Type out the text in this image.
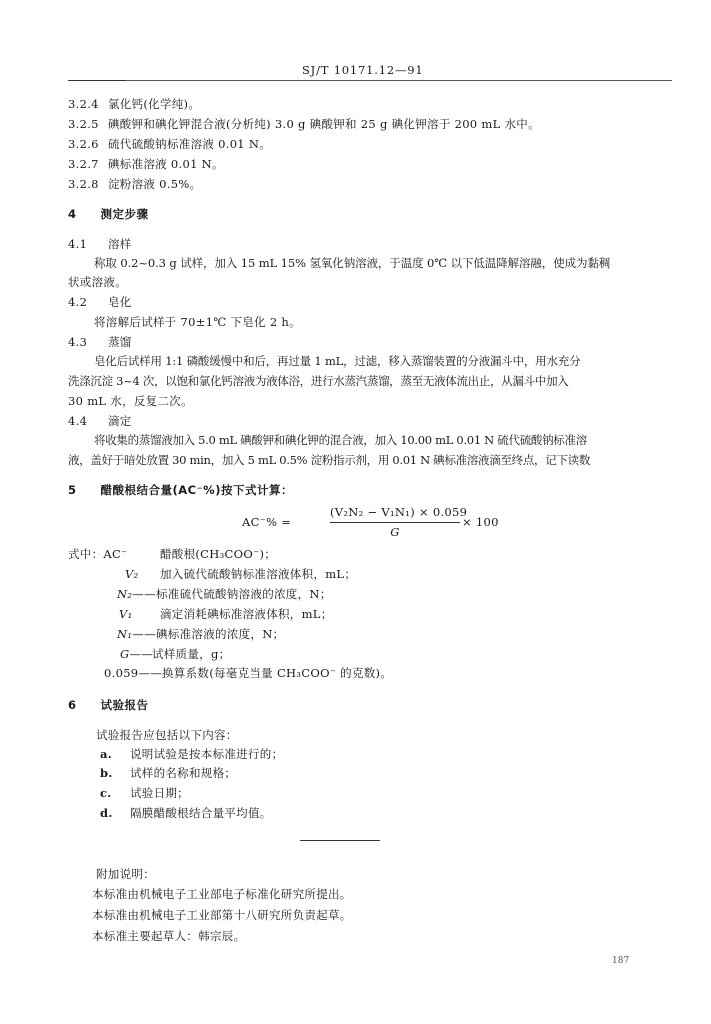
SJ/T 10171.12—91
3.2.4 氯化钙(化学纯)。
3.2.5 碘酸钾和碘化钾混合液(分析纯) 3.0 g 碘酸钾和 25 g 碘化钾溶于 200 mL 水中。
3.2.6 硫代硫酸钠标准溶液 0.01 N。
3.2.7 碘标准溶液 0.01 N。
3.2.8 淀粉溶液 0.5%。
4 测定步骤
4.1 溶样
称取 0.2~0.3 g 试样，加入 15 mL 15% 氢氧化钠溶液，于温度 0℃ 以下低温降解溶融，使成为黏稠
状或溶液。
4.2 皂化
将溶解后试样于 70±1℃ 下皂化 2 h。
4.3 蒸馏
皂化后试样用 1:1 磷酸缓慢中和后，再过量 1 mL，过滤，移入蒸馏装置的分液漏斗中，用水充分
洗涤沉淀 3~4 次，以饱和氯化钙溶液为液体浴，进行水蒸汽蒸馏，蒸至无液体流出止，从漏斗中加入
30 mL 水，反复二次。
4.4 滴定
将收集的蒸馏液加入 5.0 mL 碘酸钾和碘化钾的混合液，加入 10.00 mL 0.01 N 硫代硫酸钠标准溶
液，盖好于暗处放置 30 min，加入 5 mL 0.5% 淀粉指示剂，用 0.01 N 碘标准溶液滴至终点，记下读数
5 醋酸根结合量(AC⁻%)按下式计算：
AC⁻% =
(V₂N₂ − V₁N₁) × 0.059
G
× 100
式中：AC⁻	醋酸根(CH₃COO⁻)；
V₂ 加入硫代硫酸钠标准溶液体积，mL；
N₂—— 标准硫代硫酸钠溶液的浓度，N；
V₁ 滴定消耗碘标准溶液体积，mL；
N₁—— 碘标准溶液的浓度，N；
G——
试样质量，g；
0.059—— 换算系数(每毫克当量 CH₃COO⁻ 的克数)。
6 试验报告
试验报告应包括以下内容：
a. 说明试验是按本标准进行的；
b. 试样的名称和规格；
c. 试验日期；
d. 隔膜醋酸根结合量平均值。
附加说明：
本标准由机械电子工业部电子标准化研究所提出。
本标准由机械电子工业部第十八研究所负责起草。
本标准主要起草人：韩宗辰。
187
